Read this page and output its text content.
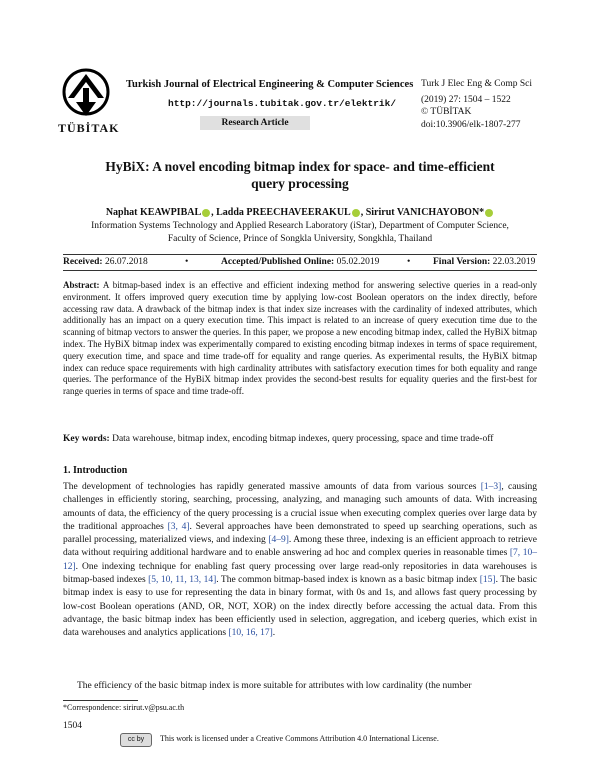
TÜBİTAK
Turkish Journal of Electrical Engineering & Computer Sciences
http://journals.tubitak.gov.tr/elektrik/
Research Article
Turk J Elec Eng & Comp Sci
(2019) 27: 1504 – 1522
© TÜBİTAK
doi:10.3906/elk-1807-277
HyBiX: A novel encoding bitmap index for space- and time-efficient
query processing
Naphat KEAWPIBAL , Ladda PREECHAVEERAKUL , Sirirut VANICHAYOBON*
Information Systems Technology and Applied Research Laboratory (iStar), Department of Computer Science,
Faculty of Science, Prince of Songkla University, Songkhla, Thailand
Received: 26.07.2018	•	Accepted/Published Online: 05.02.2019	• Final Version: 22.03.2019
Abstract: A bitmap-based index is an effective and efficient indexing method for answering selective queries in a read-only environment. It offers improved query execution time by applying low-cost Boolean operators on the index directly, before accessing raw data. A drawback of the bitmap index is that index size increases with the cardinality of indexed attributes, which additionally has an impact on a query execution time. This impact is related to an increase of query execution time due to the scanning of bitmap vectors to answer the queries. In this paper, we propose a new encoding bitmap index, called the HyBiX bitmap index. The HyBiX bitmap index was experimentally compared to existing encoding bitmap indexes in terms of space requirement, query execution time, and space and time trade-off for equality and range queries. As experimental results, the HyBiX bitmap index can reduce space requirements with high cardinality attributes with satisfactory execution times for both equality and range queries. The performance of the HyBiX bitmap index provides the second-best results for equality queries and the first-best for range queries in terms of space and time trade-off.
Key words: Data warehouse, bitmap index, encoding bitmap indexes, query processing, space and time trade-off
1. Introduction
The development of technologies has rapidly generated massive amounts of data from various sources [1–3], causing challenges in efficiently storing, searching, processing, analyzing, and managing such amounts of data. With increasing amounts of data, the efficiency of the query processing is a crucial issue when executing complex queries over large data by the traditional approaches [3, 4]. Several approaches have been demonstrated to speed up searching operations, such as parallel processing, materialized views, and indexing [4–9]. Among these three, indexing is an efficient approach to retrieve data without requiring additional hardware and to enable answering ad hoc and complex queries in reasonable times [7, 10–12]. One indexing technique for enabling fast query processing over large read-only repositories in data warehouses is bitmap-based indexes [5, 10, 11, 13, 14]. The common bitmap-based index is known as a basic bitmap index [15]. The basic bitmap index is easy to use for representing the data in binary format, with 0s and 1s, and allows fast query processing by low-cost Boolean operations (AND, OR, NOT, XOR) on the index directly before accessing the actual data. From this advantage, the basic bitmap index has been efficiently used in selection, aggregation, and iceberg queries, which exist in data warehouses and analytics applications [10, 16, 17].
The efficiency of the basic bitmap index is more suitable for attributes with low cardinality (the number
*Correspondence: sirirut.v@psu.ac.th
1504
cc by	This work is licensed under a Creative Commons Attribution 4.0 International License.
